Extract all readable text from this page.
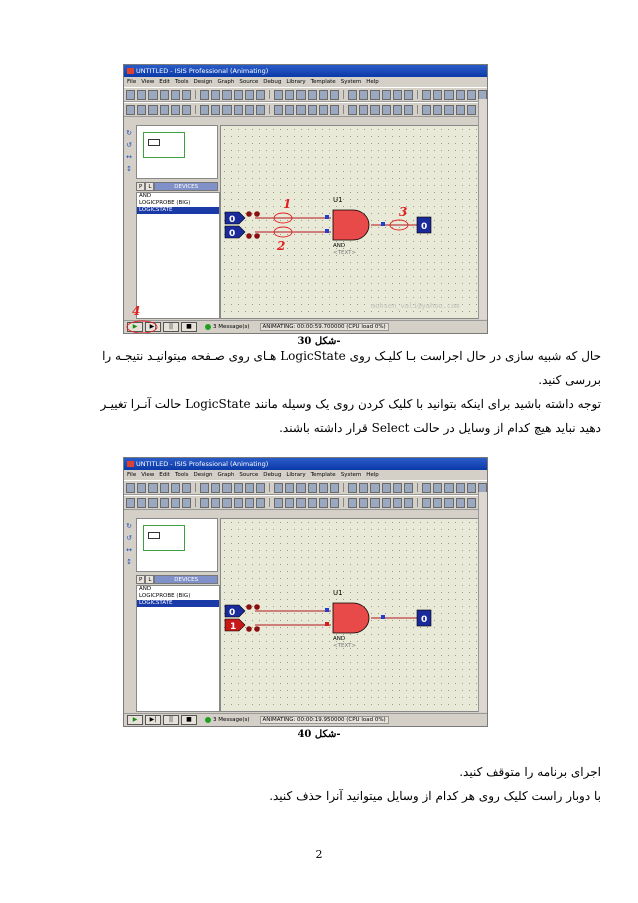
UNTITLED - ISIS Professional (Animating)
File View Edit Tools Design Graph Source Debug Library Template System Help
↻
↺
↔
↕
P	L	DEVICES
AND
LOGICPROBE (BIG)
LOGICSTATE
0
0
0
1
2
3
U1
AND
<TEXT>
mohsen_vali@yahoo.com
▶	▶|	||	■	3 Message(s)	ANIMATING: 00:00:59.700000 (CPU load 0%)
4
شکل 30-
حال که شبیه سازی در حال اجراست بـا کلیـک روی LogicState هـای روی صـفحه میتوانیـد نتیجـه را
بررسی کنید.
توجه داشته باشید برای اینکه بتوانید با کلیک کردن روی یک وسیله مانند LogicState حالت آنـرا تغییـر
دهید نباید هیچ کدام از وسایل در حالت Select قرار داشته باشند.
UNTITLED - ISIS Professional (Animating)
File View Edit Tools Design Graph Source Debug Library Template System Help
↻
↺
↔
↕
P	L	DEVICES
AND
LOGICPROBE (BIG)
LOGICSTATE
0
1
0
U1
AND
<TEXT>
▶	▶|	||	■	3 Message(s)	ANIMATING: 00:00:19.950000 (CPU load 0%)
شکل 40-
اجرای برنامه را متوقف کنید.
با دوبار راست کلیک روی هر کدام از وسایل میتوانید آنرا حذف کنید.
2
